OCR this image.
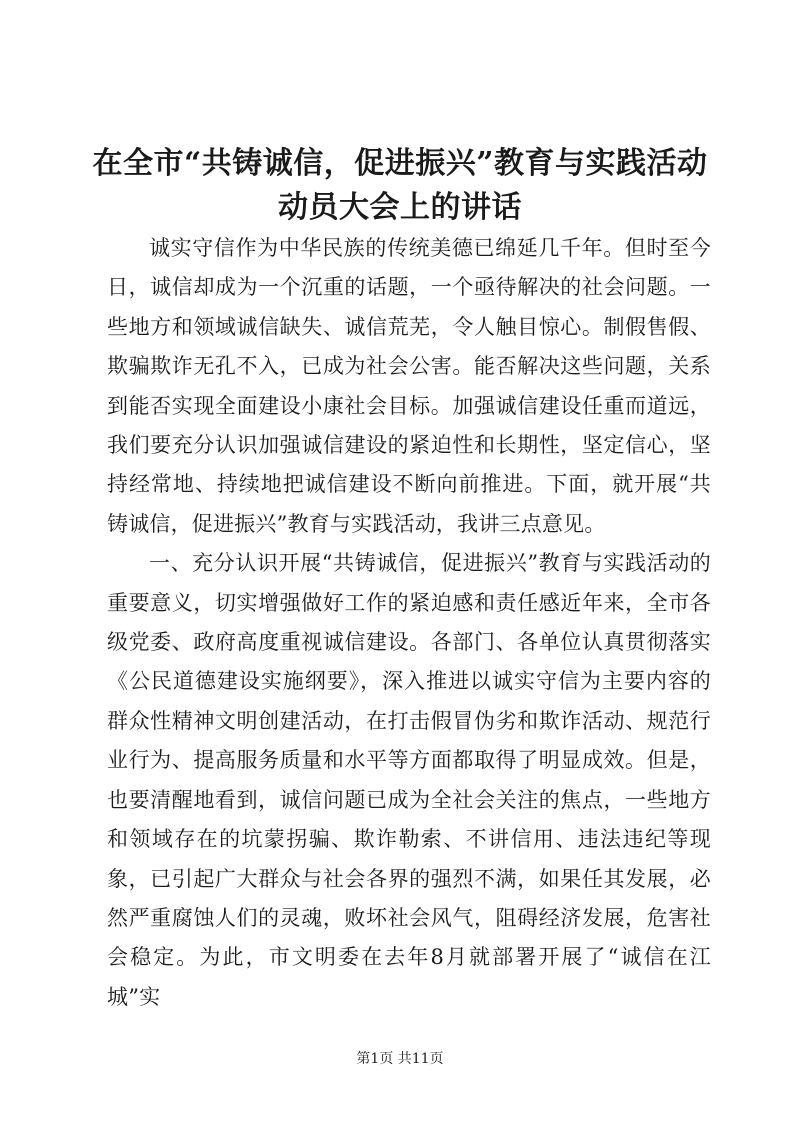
在全市“共铸诚信，促进振兴”教育与实践活动动员大会上的讲话

诚实守信作为中华民族的传统美德已绵延几千年。但时至今日，诚信却成为一个沉重的话题，一个亟待解决的社会问题。一些地方和领域诚信缺失、诚信荒芜，令人触目惊心。制假售假、欺骗欺诈无孔不入，已成为社会公害。能否解决这些问题，关系到能否实现全面建设小康社会目标。加强诚信建设任重而道远，我们要充分认识加强诚信建设的紧迫性和长期性，坚定信心，坚持经常地、持续地把诚信建设不断向前推进。下面，就开展“共铸诚信，促进振兴”教育与实践活动，我讲三点意见。

一、充分认识开展“共铸诚信，促进振兴”教育与实践活动的重要意义，切实增强做好工作的紧迫感和责任感近年来，全市各级党委、政府高度重视诚信建设。各部门、各单位认真贯彻落实《公民道德建设实施纲要》，深入推进以诚实守信为主要内容的群众性精神文明创建活动，在打击假冒伪劣和欺诈活动、规范行业行为、提高服务质量和水平等方面都取得了明显成效。但是，也要清醒地看到，诚信问题已成为全社会关注的焦点，一些地方和领域存在的坑蒙拐骗、欺诈勒索、不讲信用、违法违纪等现象，已引起广大群众与社会各界的强烈不满，如果任其发展，必然严重腐蚀人们的灵魂，败坏社会风气，阻碍经济发展，危害社会稳定。为此，市文明委在去年8月就部署开展了“诚信在江城”实

第1页 共11页
